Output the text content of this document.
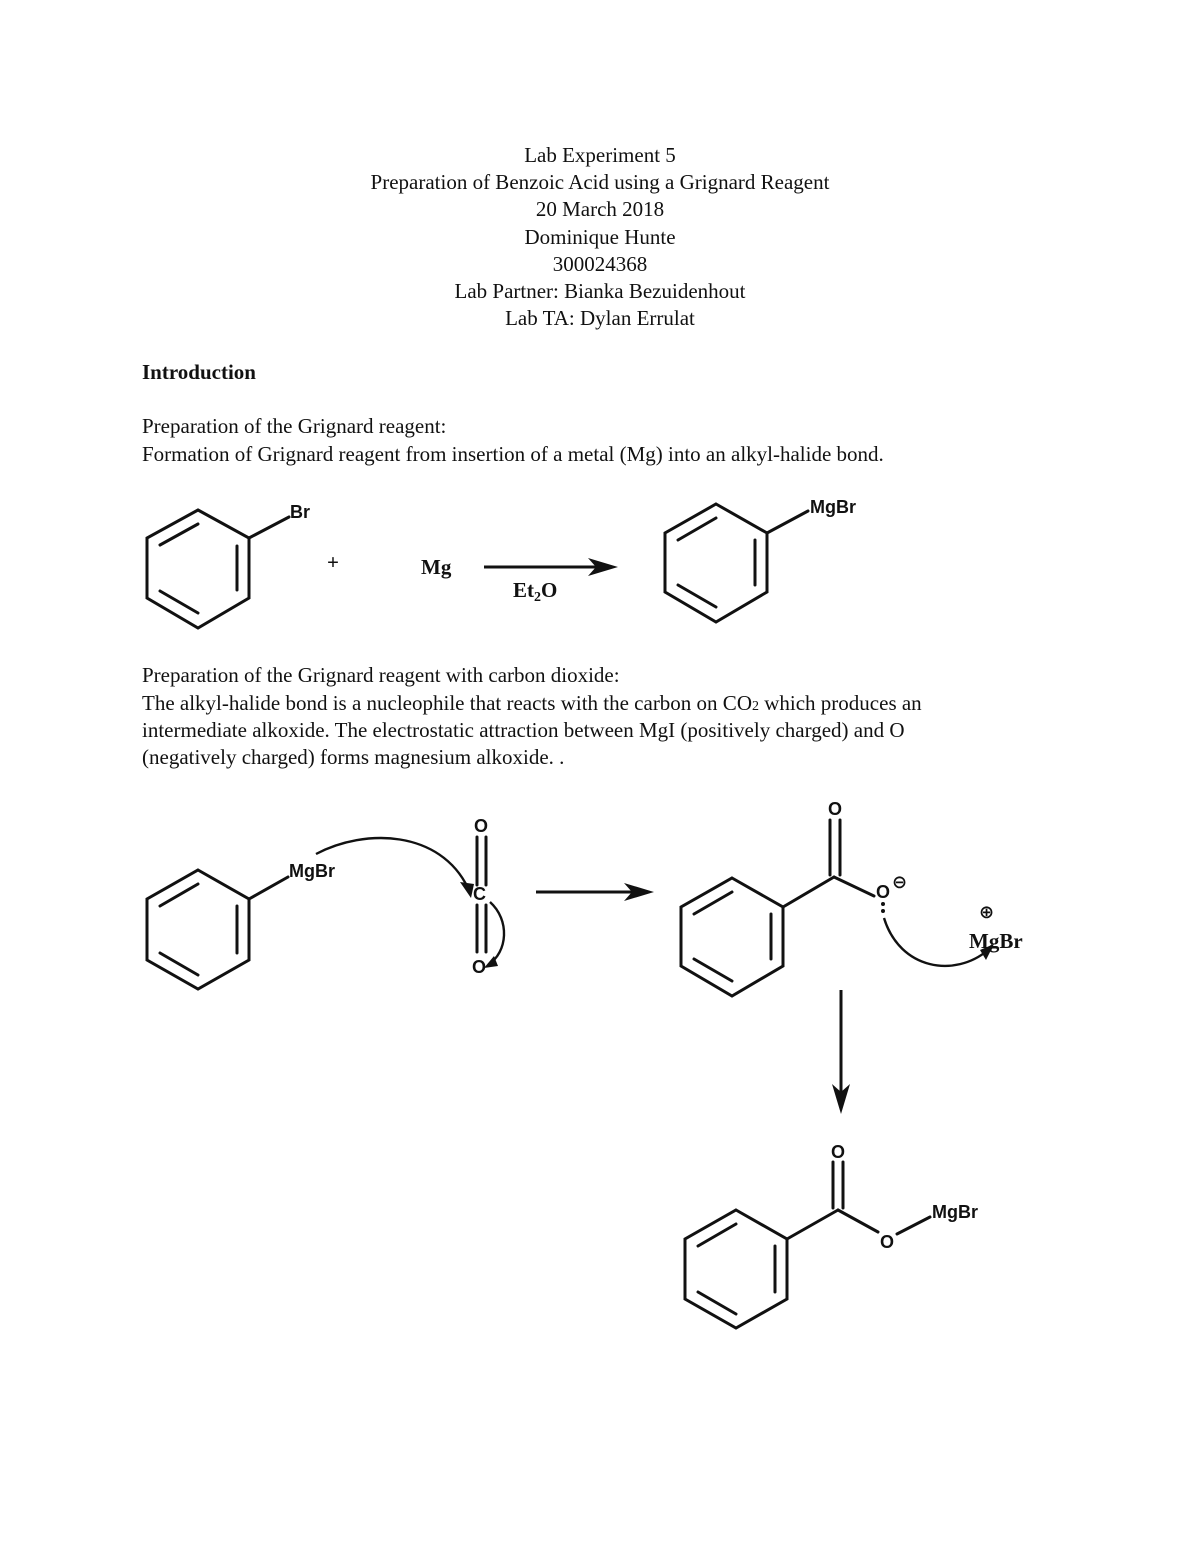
Lab Experiment 5
Preparation of Benzoic Acid using a Grignard Reagent
20 March 2018
Dominique Hunte
300024368
Lab Partner: Bianka Bezuidenhout
Lab TA: Dylan Errulat
Introduction
Preparation of the Grignard reagent:
Formation of Grignard reagent from insertion of a metal (Mg) into an alkyl-halide bond.
Br
+	Mg
Et2O
MgBr
Preparation of the Grignard reagent with carbon dioxide:
The alkyl-halide bond is a nucleophile that reacts with the carbon on CO2 which produces an
intermediate alkoxide. The electrostatic attraction between MgI (positively charged) and O
(negatively charged) forms magnesium alkoxide. .
MgBr
O
C
O
O
O ⊖
⊕
MgBr
O
O
MgBr
